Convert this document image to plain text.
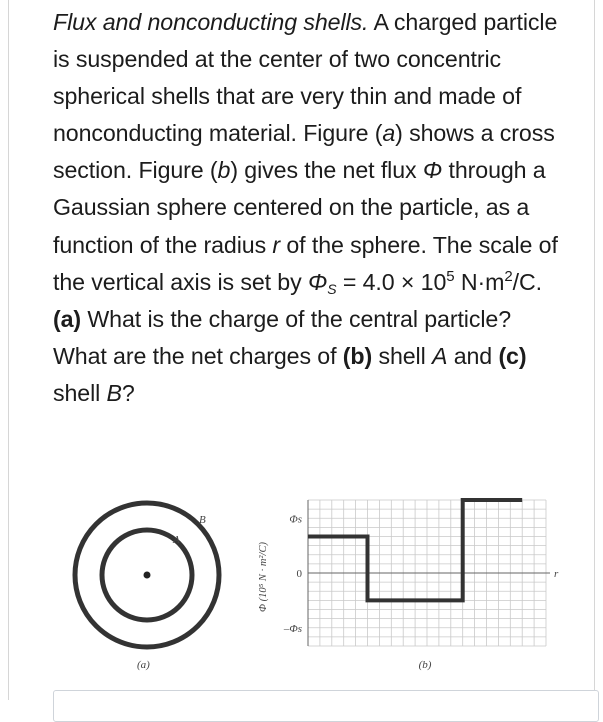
Flux and nonconducting shells. A charged particle is suspended at the center of two concentric spherical shells that are very thin and made of nonconducting material. Figure (a) shows a cross section. Figure (b) gives the net flux Φ through a Gaussian sphere centered on the particle, as a function of the radius r of the sphere. The scale of the vertical axis is set by $\Phi_S = 4.0 \times 10^5$ $N\cdot m^2/C$. (a) What is the charge of the central particle? What are the net charges of (b) shell A and (c) shell B?

B
A
(a)
Φs
0
–Φs
r
Φ (10⁵ N · m²/C)
(b)
